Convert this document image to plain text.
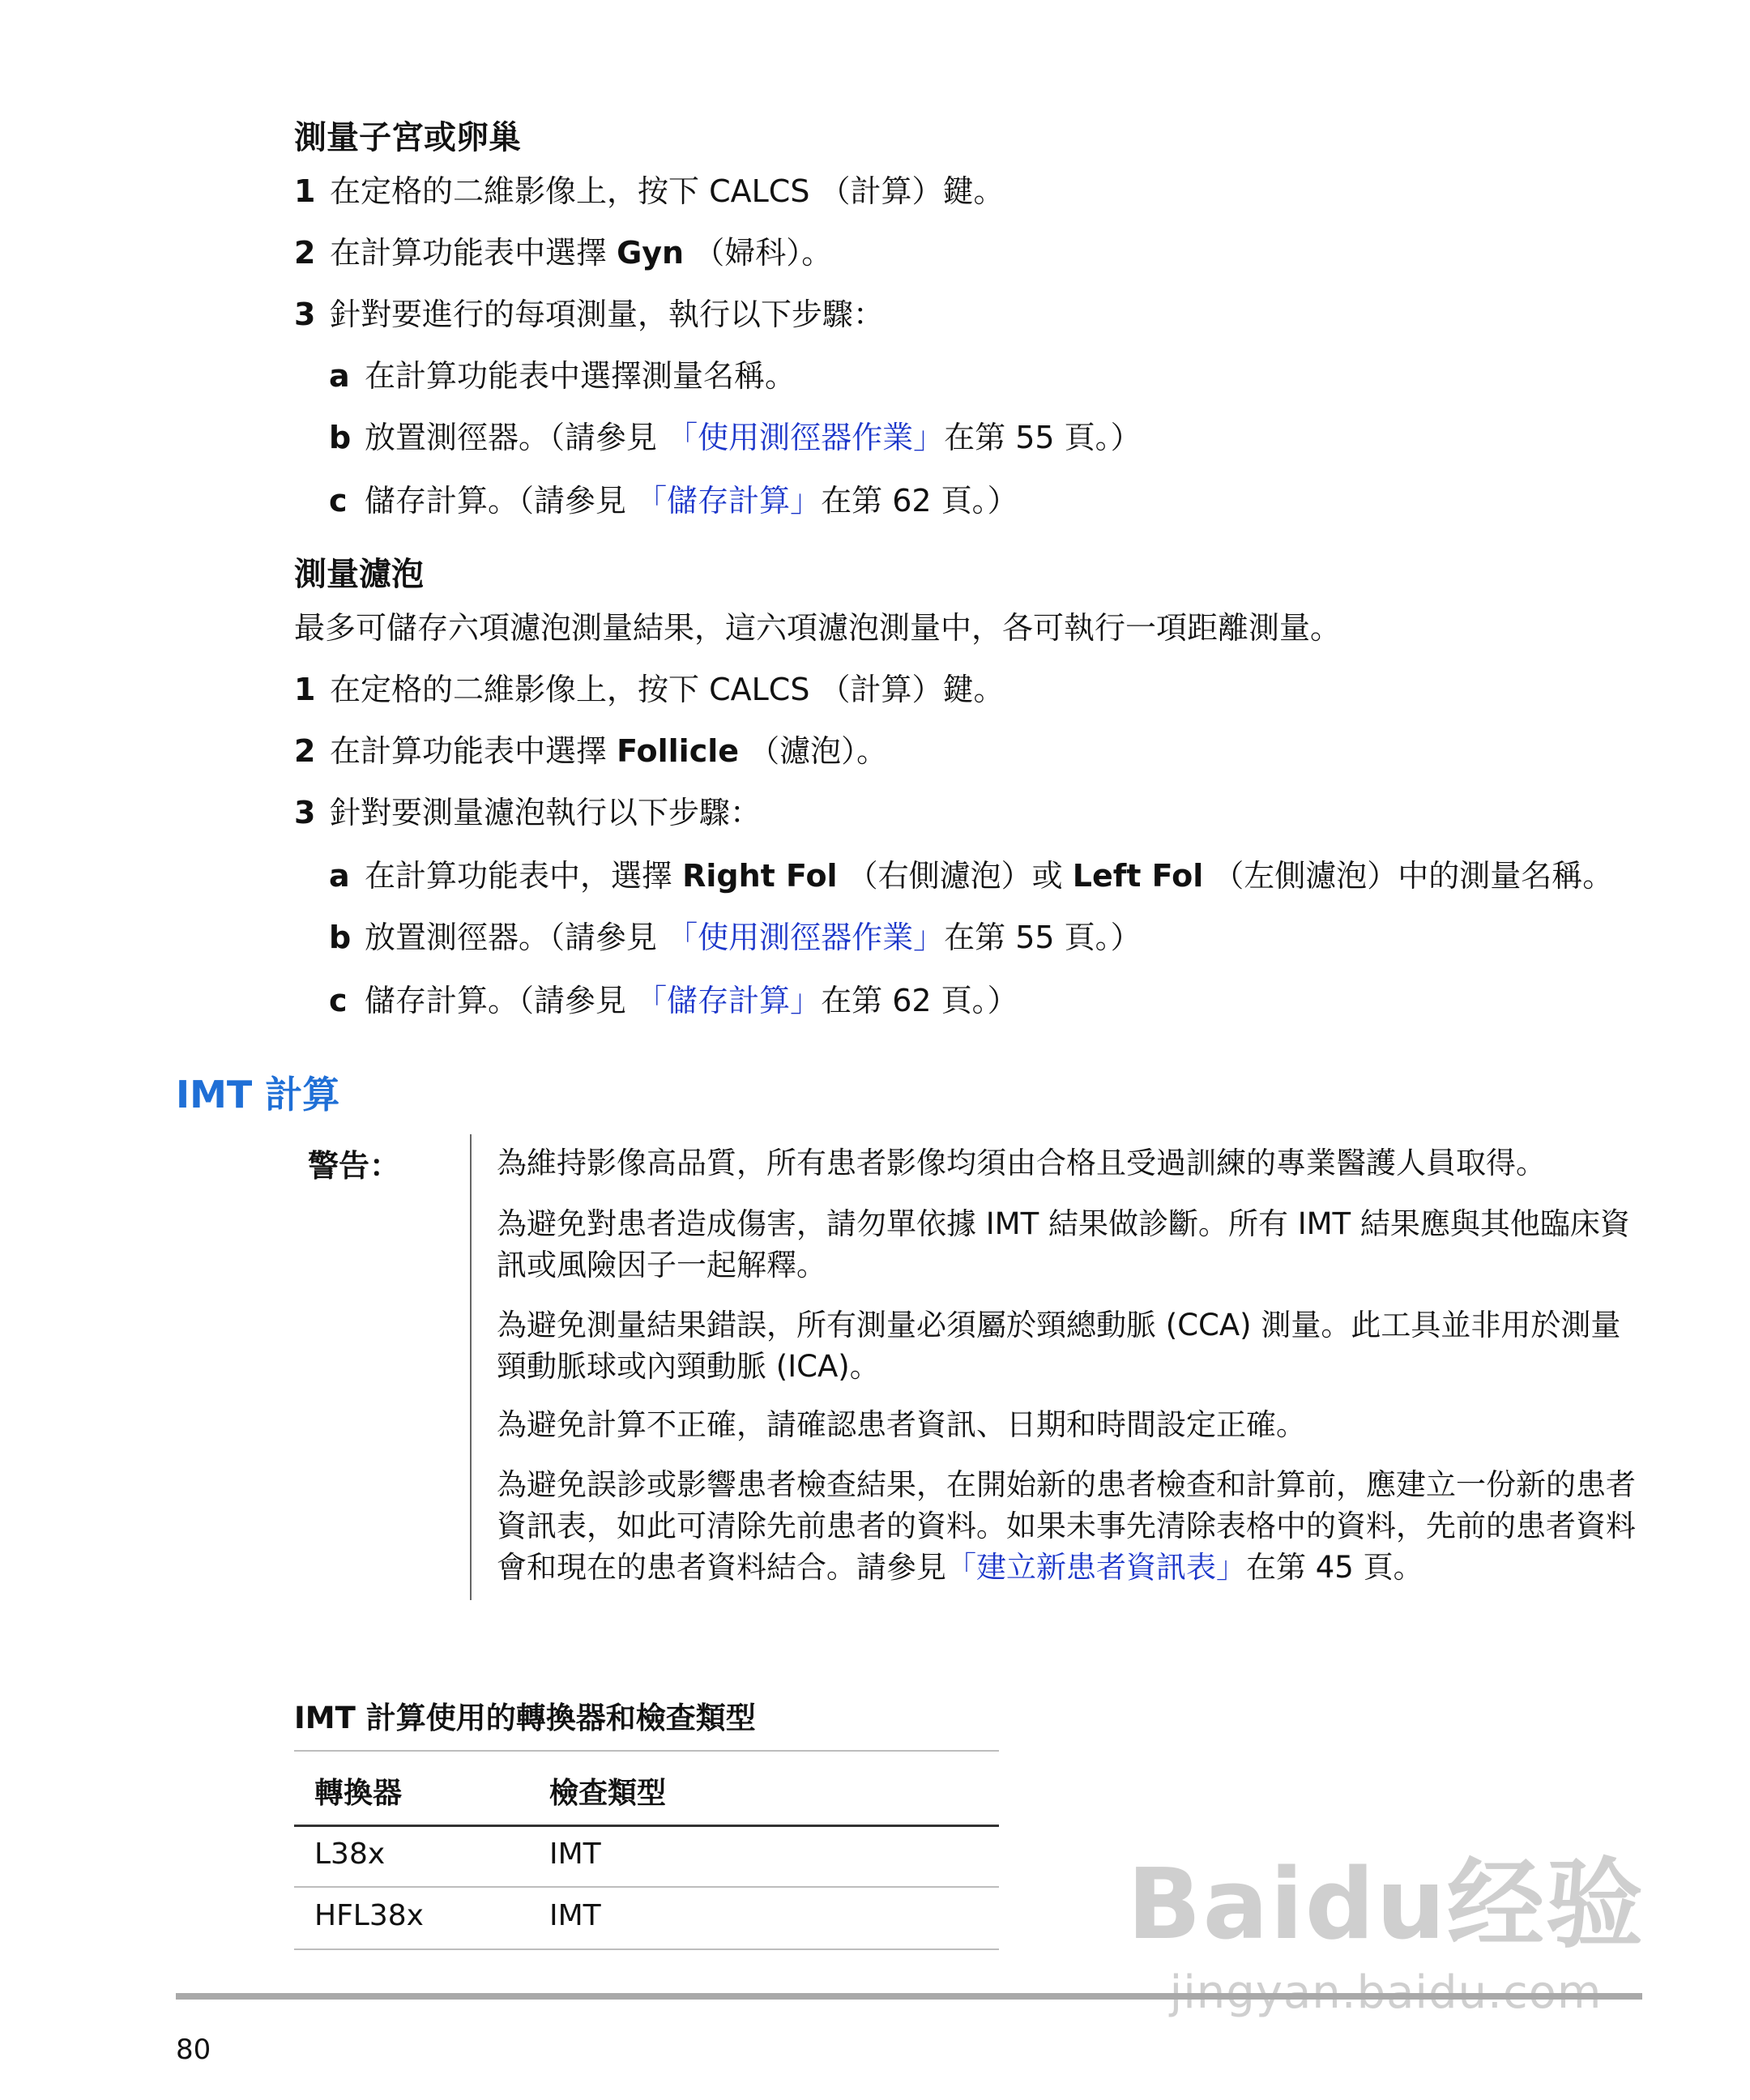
測量子宮或卵巢
1 在定格的二維影像上，按下 CALCS （計算）鍵。
2 在計算功能表中選擇 Gyn （婦科）。
3 針對要進行的每項測量，執行以下步驟：
a 在計算功能表中選擇測量名稱。
b 放置測徑器。（請參見 「使用測徑器作業」在第 55 頁。）
c 儲存計算。（請參見 「儲存計算」在第 62 頁。）
測量濾泡
最多可儲存六項濾泡測量結果，這六項濾泡測量中，各可執行一項距離測量。
1 在定格的二維影像上，按下 CALCS （計算）鍵。
2 在計算功能表中選擇 Follicle （濾泡）。
3 針對要測量濾泡執行以下步驟：
a 在計算功能表中，選擇 Right Fol （右側濾泡）或 Left Fol （左側濾泡）中的測量名稱。
b 放置測徑器。（請參見 「使用測徑器作業」在第 55 頁。）
c 儲存計算。（請參見 「儲存計算」在第 62 頁。）
IMT 計算
警告：	為維持影像高品質，所有患者影像均須由合格且受過訓練的專業醫護人員取得。
為避免對患者造成傷害，請勿單依據 IMT 結果做診斷。所有 IMT 結果應與其他臨床資訊或風險因子一起解釋。
為避免測量結果錯誤，所有測量必須屬於頸總動脈 (CCA) 測量。此工具並非用於測量頸動脈球或內頸動脈 (ICA)。
為避免計算不正確，請確認患者資訊、日期和時間設定正確。
為避免誤診或影響患者檢查結果，在開始新的患者檢查和計算前，應建立一份新的患者資訊表，如此可清除先前患者的資料。如果未事先清除表格中的資料，先前的患者資料會和現在的患者資料結合。請參見「建立新患者資訊表」在第 45 頁。
IMT 計算使用的轉換器和檢查類型
轉換器	檢查類型
L38x	IMT
HFL38x	IMT	Baidu经验
80
